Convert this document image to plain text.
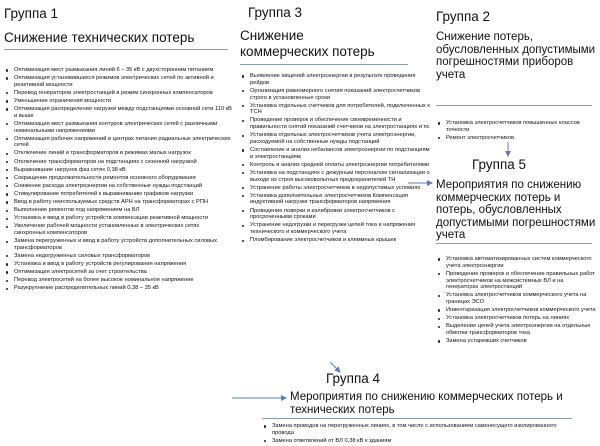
Группа 1

Снижение технических потерь

Оптимизация мест размыкания линий 6 – 35 кВ с двухсторонним питанием
Оптимизация установившихся режимов электрических сетей по активной и реактивной мощности
Перевод генераторов электростанций в режим синхронных компенсаторов
Уменьшение ограничения мощности
Оптимизация распределения нагрузки между подстанциями основной сети 110 кВ и выше
Оптимизация мест размыкания контуров электрических сетей с различными номинальными напряжениями
Оптимизация рабочих напряжений в центрах питания радиальных электрических сетей
Отключение линий и трансформаторов в режимах малых нагрузок
Отключение трансформаторов на подстанциях с сезонной нагрузкой
Выравнивание нагрузок фаз сетях 0,38 кВ
Сокращение продолжительности ремонтов основного оборудования
Снижение расхода электроэнергии на собственные нужды подстанций
Стимулирование потребителей к выравниванию графиков нагрузки
Ввод в работу неиспользуемых средств АРН на трансформаторах с РПН
Выполнение ремонтов под напряжением на ВЛ
Установка и ввод в работу устройств компенсации реактивной мощности
Увеличение рабочей мощности установленных в электрических сетях синхронных компенсаторов
Замена перегруженных и ввод в работу устройств дополнительных силовых трансформаторов
Замена недогруженных силовых трансформаторов
Установка и ввод в работу устройств регулирования напряжения
Оптимизация электросетей за счет строительства
Перевод электросетей на более высокое номинальное напряжение
Разукрупнение распределительных линий 0,38 – 35 кВ

Группа 3

Снижение коммерческих потерь

Выявление хищений электроэнергии в результате проведения рейдов
Организация равномерного снятия показаний электросчетчиков строго в установленные сроки
Установка отдельных счетчиков для потребителей, подключенных к ТСН
Проведение проверок и обеспечение своевременности и правильности снятий показаний счетчиков на электростанциях и пс
Установка отдельных электросчетчиков учета электроэнергии, расходуемой на собственные нужды подстанций
Составление и анализ небалансов электроэнергии по подстанциям и электростанциям
Контроль и анализ средней оплаты электроэнергии потребителями
Установка на подстанциях с дежурным персоналом сигнализации о выходе из строя высоковольтных предохранителей ТН
Устранение работы электросчетчиков в недопустимых условиях
Установка дополнительных электросчетчиков Компенсация индуктивной нагрузки трансформаторов напряжения
Проведение поверки и калибровки электросчетчиков с просроченными сроками
Устранение недогрузки и перегрузки цепей тока и напряжения технического и коммерческого учета
Пломбирование электросчетчиков и клеммных крышек

Группа 2

Снижение потерь, обусловленных допустимыми погрешностями приборов учета

Установка электросчетчиков повышенных классов точности
Ремонт электросчетчиков

Группа 5

Мероприятия по снижению коммерческих потерь и потерь, обусловленных допустимыми погрешностями учета

Установка автоматизированных систем коммерческого учета электроэнергии
Проведение проверок и обеспечение правильных работ электросчетчиков на межсистемных ВЛ и на генераторах электростанций
Установка электросчетчиков коммерческого учета на границах ЭСО
Инвентаризация электросчетчиков коммерческого учета
Установка электросчетчиков потерь на линиях
Выделение цепей учета электроэнергии на отдельные обмотки трансформаторов тока
Замена устаревших счетчиков

Группа 4

Мероприятия по снижению коммерческих потерь и технических потерь

Замена проводов на перегруженных линиях, в том числе с использованием самонесущего изолированного провода
Замена ответвлений от ВЛ 0,38 кВ к зданиям
